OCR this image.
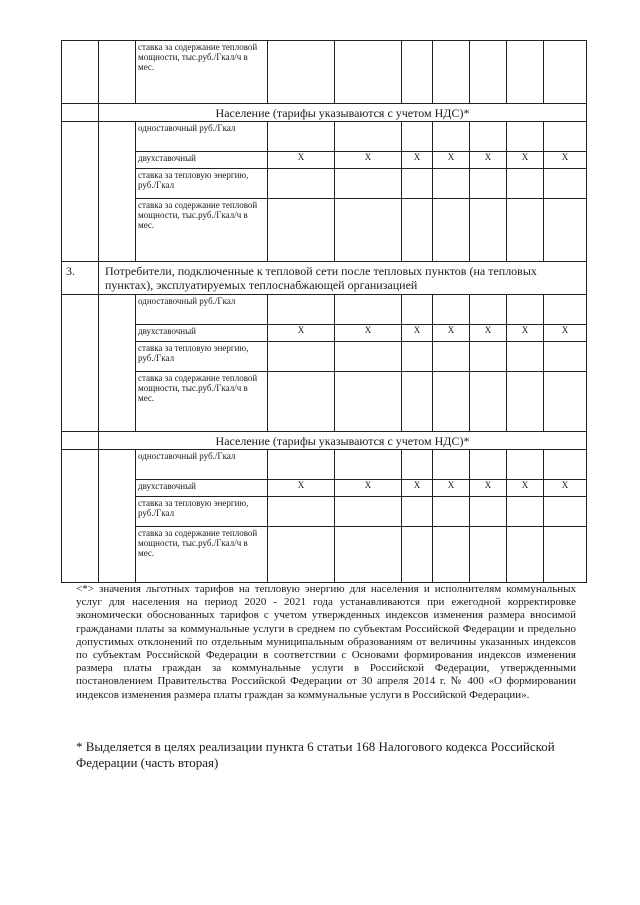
		ставка за содержание тепловой мощности, тыс.руб./Гкал/ч в мес.							
	Население (тарифы указываются с учетом НДС)*								
		одноставочный руб./Гкал							
		двухставочный	X	X	X	X	X	X	X
		ставка за тепловую энергию, руб./Гкал							
		ставка за содержание тепловой мощности, тыс.руб./Гкал/ч в мес.							
3.	Потребители, подключенные к тепловой сети после тепловых пунктов (на тепловых пунктах), эксплуатируемых теплоснабжающей организацией								
		одноставочный руб./Гкал							
		двухставочный	X	X	X	X	X	X	X
		ставка за тепловую энергию, руб./Гкал							
		ставка за содержание тепловой мощности, тыс.руб./Гкал/ч в мес.							
	Население (тарифы указываются с учетом НДС)*								
		одноставочный руб./Гкал							
		двухставочный	X	X	X	X	X	X	X
		ставка за тепловую энергию, руб./Гкал							
		ставка за содержание тепловой мощности, тыс.руб./Гкал/ч в мес.							

<*> значения льготных тарифов на тепловую энергию для населения и исполнителям коммунальных услуг для населения на период 2020 - 2021 года устанавливаются при ежегодной корректировке экономически обоснованных тарифов с учетом утвержденных индексов изменения размера вносимой гражданами платы за коммунальные услуги в среднем по субъектам Российской Федерации и предельно допустимых отклонений по отдельным муниципальным образованиям от величины указанных индексов по субъектам Российской Федерации в соответствии с Основами формирования индексов изменения размера платы граждан за коммунальные услуги в Российской Федерации, утвержденными постановлением Правительства Российской Федерации от 30 апреля 2014 г. № 400 «О формировании индексов изменения размера платы граждан за коммунальные услуги в Российской Федерации».

* Выделяется в целях реализации пункта 6 статьи 168 Налогового кодекса Российской Федерации (часть вторая)
